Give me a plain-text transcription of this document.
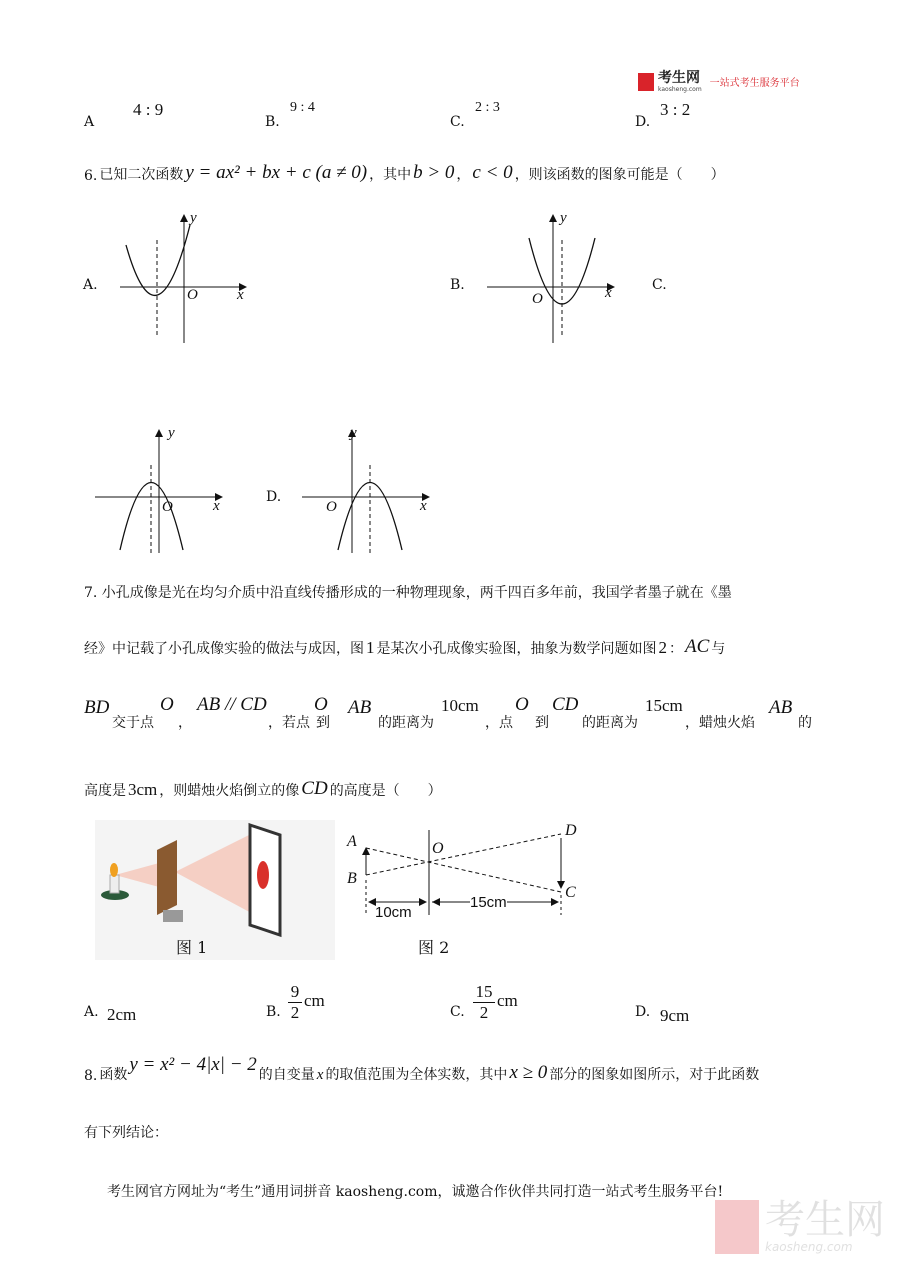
考生网
kaosheng.com
一站式考生服务平台
A
4 : 9
B.
9 : 4
C.
2 : 3
D.
3 : 2
6. 已知二次函数 y = ax² + bx + c (a ≠ 0) ，其中 b > 0 ， c < 0 ，则该函数的图象可能是（　　）
A.	B.	C.
D.
y
x
O
y
x
O
y
x
O
y
x
O
7. 小孔成像是光在均匀介质中沿直线传播形成的一种物理现象，两千四百多年前，我国学者墨子就在《墨
经》中记载了小孔成像实验的做法与成因，图 1 是某次小孔成像实验图，抽象为数学问题如图 2 ： AC 与
BD
交于点
O
，
AB // CD
，若点
O
到
AB
的距离为
10cm
，点
O
到
CD
的距离为
15cm
，蜡烛火焰
AB
的
高度是 3cm ，则蜡烛火焰倒立的像 CD 的高度是（　　）
图 1
A
B
D
C
O
10cm
15cm
图 2
A. 2cm	B. $\frac{9}{2}$ cm
C. $\frac{15}{2}$ cm
D. 9cm
8. 函数 y = x² − 4|x| − 2 的自变量 x 的取值范围为全体实数，其中 x ≥ 0 部分的图象如图所示，对于此函数
有下列结论：
考生网官方网址为“考生”通用词拼音 kaosheng.com，诚邀合作伙伴共同打造一站式考生服务平台!
考生网
kaosheng.com
